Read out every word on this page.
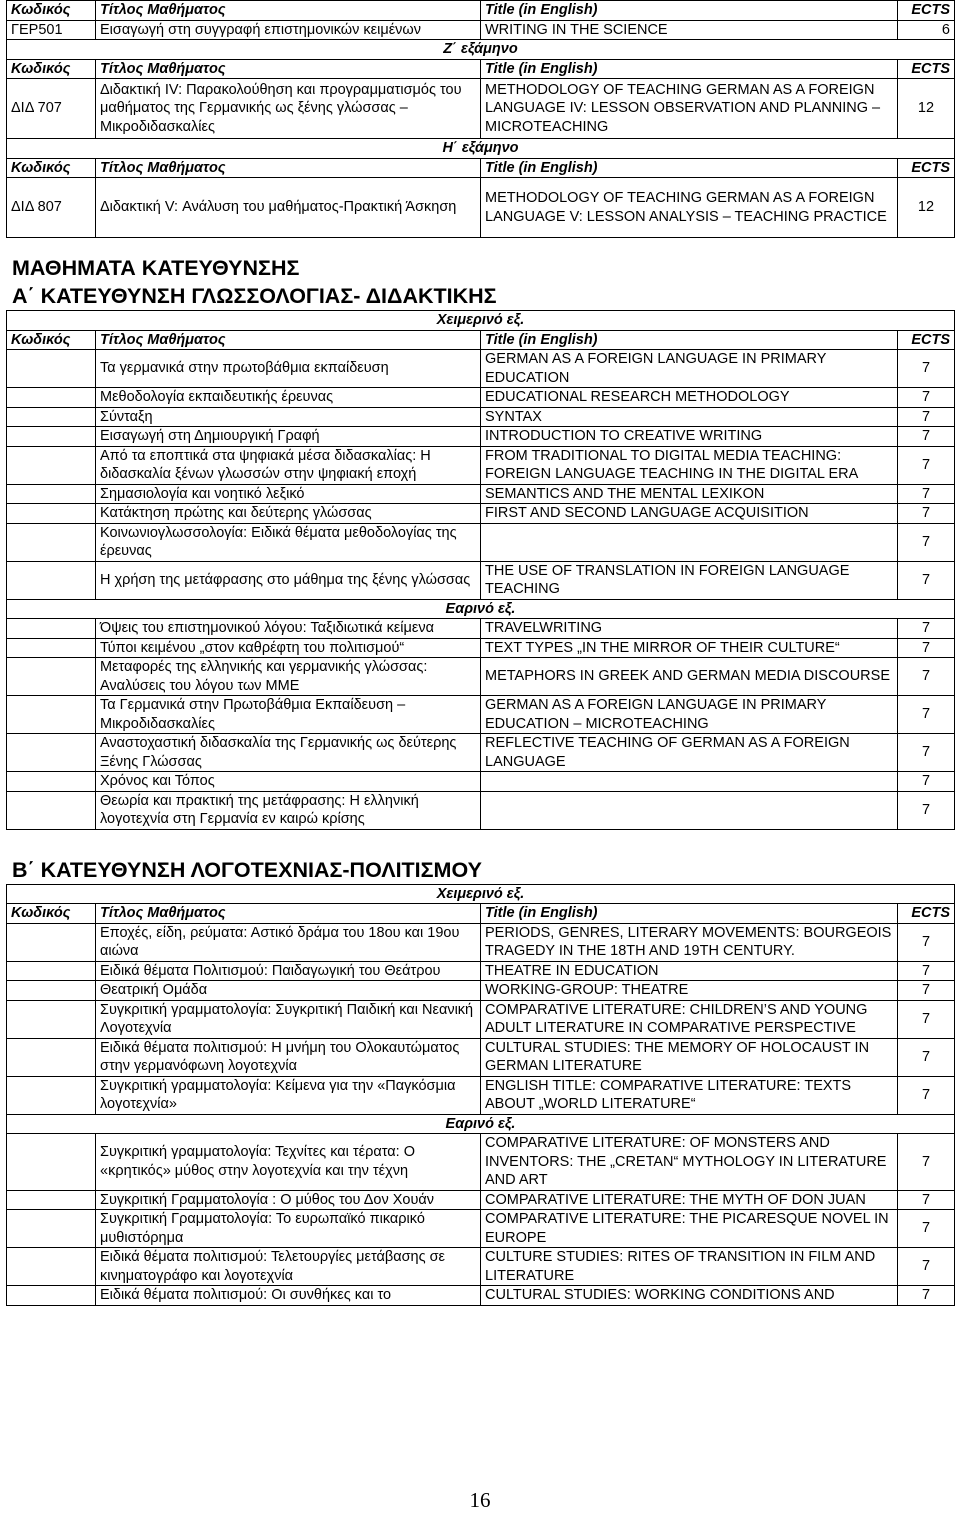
Κωδικός	Τίτλος Μαθήματος	Title (in English)	ECTS
ΓΕΡ501	Εισαγωγή στη συγγραφή επιστημονικών κειμένων	WRITING IN THE SCIENCE	6
Ζ΄ εξάμηνο			
Κωδικός	Τίτλος Μαθήματος	Title (in English)	ECTS
ΔΙΔ 707	Διδακτική IV: Παρακολούθηση και προγραμματισμός του μαθήματος της Γερμανικής ως ξένης γλώσσας – Μικροδιδασκαλίες	METHODOLOGY OF TEACHING GERMAN AS A FOREIGN LANGUAGE IV: LESSON OBSERVATION AND PLANNING – MICROTEACHING	12
Η΄ εξάμηνο			
Κωδικός	Τίτλος Μαθήματος	Title (in English)	ECTS
ΔΙΔ 807	Διδακτική V: Ανάλυση του μαθήματος-Πρακτική Άσκηση	METHODOLOGY OF TEACHING GERMAN AS A FOREIGN LANGUAGE V: LESSON ANALYSIS – TEACHING PRACTICE	12
ΜΑΘΗΜΑΤΑ ΚΑΤΕΥΘΥΝΣΗΣ
Α΄ ΚΑΤΕΥΘΥΝΣΗ ΓΛΩΣΣΟΛΟΓΙΑΣ- ΔΙΔΑΚΤΙΚΗΣ
Χειμερινό εξ.			
Κωδικός	Τίτλος Μαθήματος	Title (in English)	ECTS
	Τα γερμανικά στην πρωτοβάθμια εκπαίδευση	GERMAN AS A FOREIGN LANGUAGE IN PRIMARY EDUCATION	7
	Μεθοδολογία εκπαιδευτικής έρευνας	EDUCATIONAL RESEARCH METHODOLOGY	7
	Σύνταξη	SYNTAX	7
	Εισαγωγή στη Δημιουργική Γραφή	INTRODUCTION TO CREATIVE WRITING	7
	Από τα εποπτικά στα ψηφιακά μέσα διδασκαλίας: Η διδασκαλία ξένων γλωσσών στην ψηφιακή εποχή	FROM TRADITIONAL TO DIGITAL MEDIA TEACHING: FOREIGN LANGUAGE TEACHING IN THE DIGITAL ERA	7
	Σημασιολογία και νοητικό λεξικό	SEMANTICS AND THE MENTAL LEXIKON	7
	Κατάκτηση πρώτης και δεύτερης γλώσσας	FIRST AND SECOND LANGUAGE ACQUISITION	7
	Κοινωνιογλωσσολογία: Ειδικά θέματα μεθοδολογίας της έρευνας		7
	Η χρήση της μετάφρασης στο μάθημα της ξένης γλώσσας	THE USE OF TRANSLATION IN FOREIGN LANGUAGE TEACHING	7
Εαρινό εξ.			
	Όψεις του επιστημονικού λόγου: Ταξιδιωτικά κείμενα	TRAVELWRITING	7
	Τύποι κειμένου „στον καθρέφτη του πολιτισμού“	TEXT TYPES „IN THE MIRROR OF THEIR CULTURE“	7
	Μεταφορές της ελληνικής και γερμανικής γλώσσας: Αναλύσεις του λόγου των ΜΜΕ	METAPHORS IN GREEK AND GERMAN MEDIA DISCOURSE	7
	Τα Γερμανικά στην Πρωτοβάθμια Εκπαίδευση – Μικροδιδασκαλίες	GERMAN AS A FOREIGN LANGUAGE IN PRIMARY EDUCATION – MICROTEACHING	7
	Αναστοχαστική διδασκαλία της Γερμανικής ως δεύτερης Ξένης Γλώσσας	REFLECTIVE TEACHING OF GERMAN AS A FOREIGN LANGUAGE	7
	Χρόνος και Τόπος		7
	Θεωρία και πρακτική της μετάφρασης: Η ελληνική λογοτεχνία στη Γερμανία εν καιρώ κρίσης		7
Β΄ ΚΑΤΕΥΘΥΝΣΗ ΛΟΓΟΤΕΧΝΙΑΣ-ΠΟΛΙΤΙΣΜΟΥ
Χειμερινό εξ.			
Κωδικός	Τίτλος Μαθήματος	Title (in English)	ECTS
	Εποχές, είδη, ρεύματα: Αστικό δράμα του 18ου και 19ου αιώνα	PERIODS, GENRES, LITERARY MOVEMENTS: BOURGEOIS TRAGEDY IN THE 18TH AND 19TH CENTURY.	7
	Ειδικά θέματα Πολιτισμού: Παιδαγωγική του Θεάτρου	THEATRE IN EDUCATION	7
	Θεατρική Ομάδα	WORKING-GROUP: THEATRE	7
	Συγκριτική γραμματολογία: Συγκριτική Παιδική και Νεανική Λογοτεχνία	COMPARATIVE LITERATURE: CHILDREN’S AND YOUNG ADULT LITERATURE IN COMPARATIVE PERSPECTIVE	7
	Ειδικά θέματα πολιτισμού: Η μνήμη του Ολοκαυτώματος στην γερμανόφωνη λογοτεχνία	CULTURAL STUDIES: THE MEMORY OF HOLOCAUST IN GERMAN LITERATURE	7
	Συγκριτική γραμματολογία: Κείμενα για την «Παγκόσμια λογοτεχνία»	ENGLISH TITLE: COMPARATIVE LITERATURE: TEXTS ABOUT „WORLD LITERATURE“	7
Εαρινό εξ.			
	Συγκριτική γραμματολογία: Τεχνίτες και τέρατα: Ο «κρητικός» μύθος στην λογοτεχνία και την τέχνη	COMPARATIVE LITERATURE: OF MONSTERS AND INVENTORS: THE „CRETAN“ MYTHOLOGY IN LITERATURE AND ART	7
	Συγκριτική Γραμματολογία : Ο μύθος του Δον Χουάν	COMPARATIVE LITERATURE: THE MYTH OF DON JUAN	7
	Συγκριτική Γραμματολογία: Το ευρωπαϊκό πικαρικό μυθιστόρημα	COMPARATIVE LITERATURE: THE PICARESQUE NOVEL IN EUROPE	7
	Ειδικά θέματα πολιτισμού: Τελετουργίες μετάβασης σε κινηματογράφο και λογοτεχνία	CULTURE STUDIES: RITES OF TRANSITION IN FILM AND LITERATURE	7
	Ειδικά θέματα πολιτισμού: Οι συνθήκες και το	CULTURAL STUDIES: WORKING CONDITIONS AND	7
16
